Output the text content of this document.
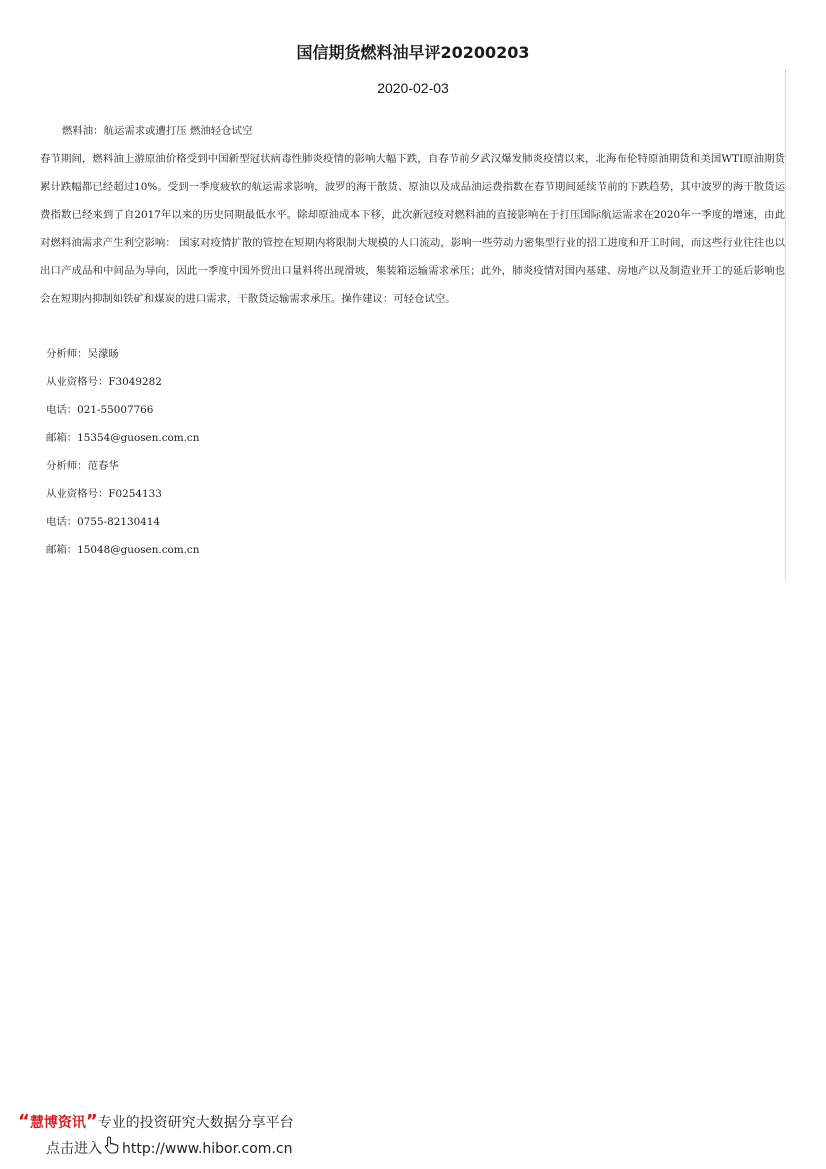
国信期货燃料油早评20200203
2020-02-03
燃料油：航运需求或遭打压 燃油轻仓试空
春节期间，燃料油上游原油价格受到中国新型冠状病毒性肺炎疫情的影响大幅下跌，自春节前夕武汉爆发肺炎疫情以来，北海布伦特原油期货和美国WTI原油期货累计跌幅都已经超过10%。受到一季度疲软的航运需求影响，波罗的海干散货、原油以及成品油运费指数在春节期间延续节前的下跌趋势，其中波罗的海干散货运费指数已经来到了自2017年以来的历史同期最低水平。除却原油成本下移，此次新冠疫对燃料油的直接影响在于打压国际航运需求在2020年一季度的增速，由此对燃料油需求产生利空影响： 国家对疫情扩散的管控在短期内将限制大规模的人口流动，影响一些劳动力密集型行业的招工进度和开工时间，而这些行业往往也以出口产成品和中间品为导向，因此一季度中国外贸出口量料将出现滑坡，集装箱运输需求承压；此外，肺炎疫情对国内基建、房地产以及制造业开工的延后影响也会在短期内抑制如铁矿和煤炭的进口需求，干散货运输需求承压。操作建议：可轻仓试空。
分析师：吴濛旸
从业资格号：F3049282
电话：021-55007766
邮箱：15354@guosen.com.cn
分析师：范春华
从业资格号：F0254133
电话：0755-82130414
邮箱：15048@guosen.com.cn
“慧博资讯”专业的投资研究大数据分享平台
点击进入 http://www.hibor.com.cn
